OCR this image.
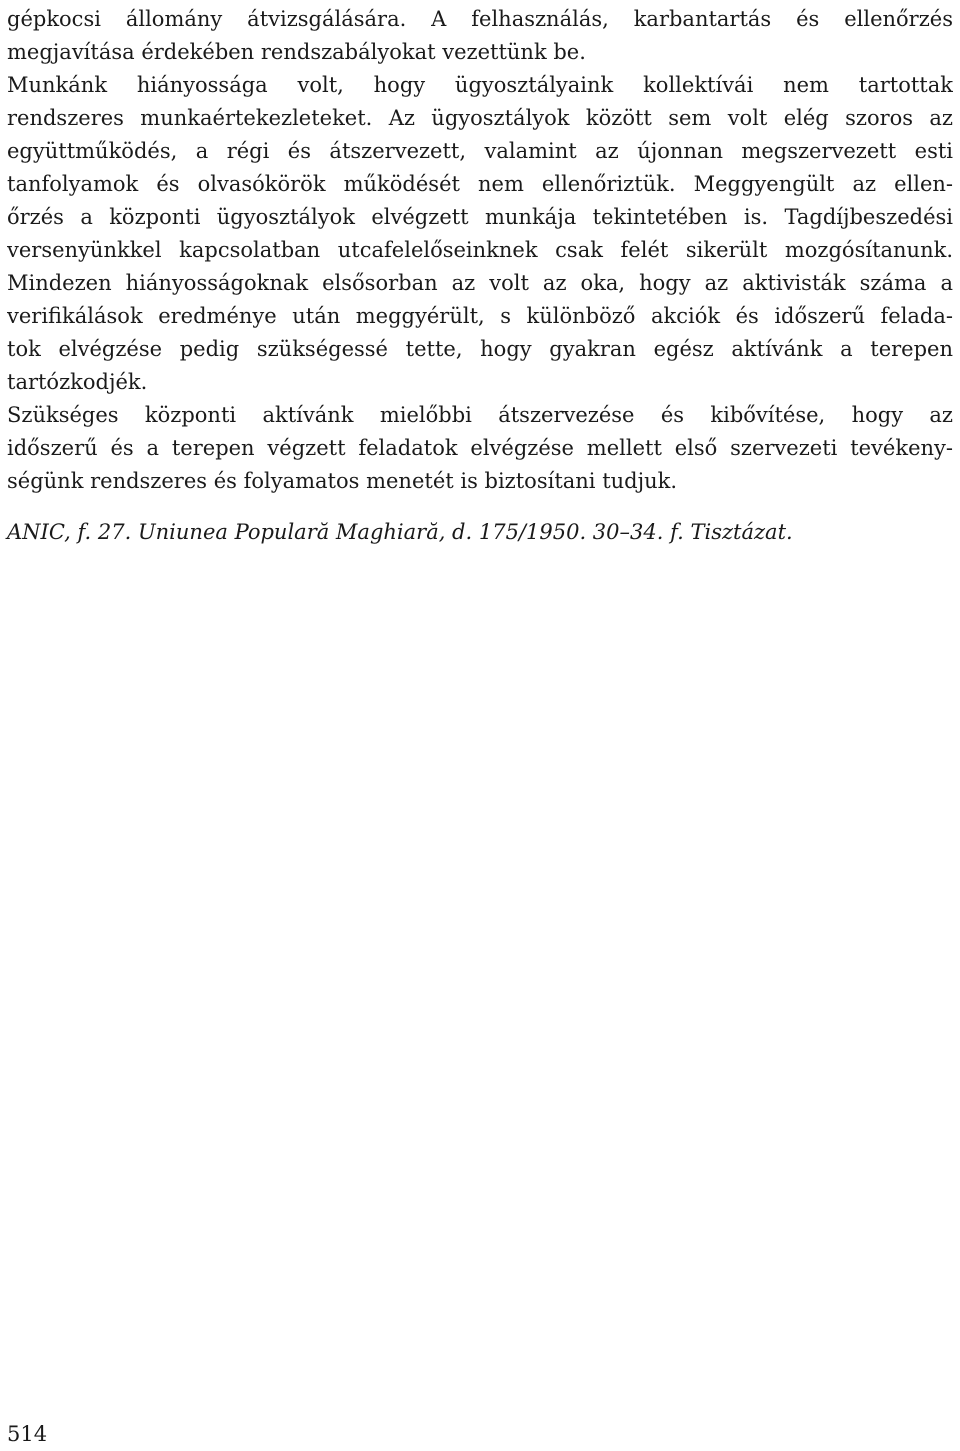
gépkocsi állomány átvizsgálására. A felhasználás, karbantartás és ellenőrzés
megjavítása érdekében rendszabályokat vezettünk be.
Munkánk hiányossága volt, hogy ügyosztályaink kollektívái nem tartottak
rendszeres munkaértekezleteket. Az ügyosztályok között sem volt elég szoros az
együttműködés, a régi és átszervezett, valamint az újonnan megszervezett esti
tanfolyamok és olvasókörök működését nem ellenőriztük. Meggyengült az ellen-
őrzés a központi ügyosztályok elvégzett munkája tekintetében is. Tagdíjbeszedési
versenyünkkel kapcsolatban utcafelelőseinknek csak felét sikerült mozgósítanunk.
Mindezen hiányosságoknak elsősorban az volt az oka, hogy az aktivisták száma a
verifikálások eredménye után meggyérült, s különböző akciók és időszerű felada-
tok elvégzése pedig szükségessé tette, hogy gyakran egész aktívánk a terepen
tartózkodjék.
Szükséges központi aktívánk mielőbbi átszervezése és kibővítése, hogy az
időszerű és a terepen végzett feladatok elvégzése mellett első szervezeti tevékeny-
ségünk rendszeres és folyamatos menetét is biztosítani tudjuk.
ANIC, f. 27. Uniunea Populară Maghiară, d. 175/1950. 30–34. f. Tisztázat.
514
